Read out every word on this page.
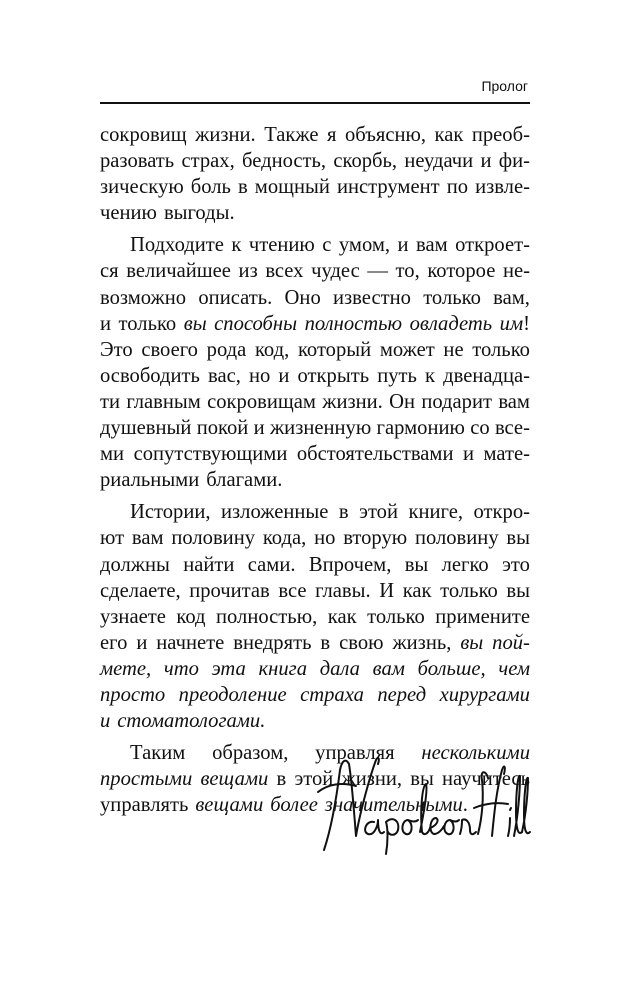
Пролог
сокровищ жизни. Также я объясню, как преоб-
разовать страх, бедность, скорбь, неудачи и фи-
зическую боль в мощный инструмент по извле-
чению выгоды.
Подходите к чтению с умом, и вам откроет-
ся величайшее из всех чудес — то, которое не-
возможно описать. Оно известно только вам,
и только вы способны полностью овладеть им!
Это своего рода код, который может не только
освободить вас, но и открыть путь к двенадца-
ти главным сокровищам жизни. Он подарит вам
душевный покой и жизненную гармонию со все-
ми сопутствующими обстоятельствами и мате-
риальными благами.
Истории, изложенные в этой книге, откро-
ют вам половину кода, но вторую половину вы
должны найти сами. Впрочем, вы легко это
сделаете, прочитав все главы. И как только вы
узнаете код полностью, как только примените
его и начнете внедрять в свою жизнь, вы пой-
мете, что эта книга дала вам больше, чем
просто преодоление страха перед хирургами
и стоматологами.
Таким образом, управляя несколькими
простыми вещами в этой жизни, вы научитесь
управлять вещами более значительными.
